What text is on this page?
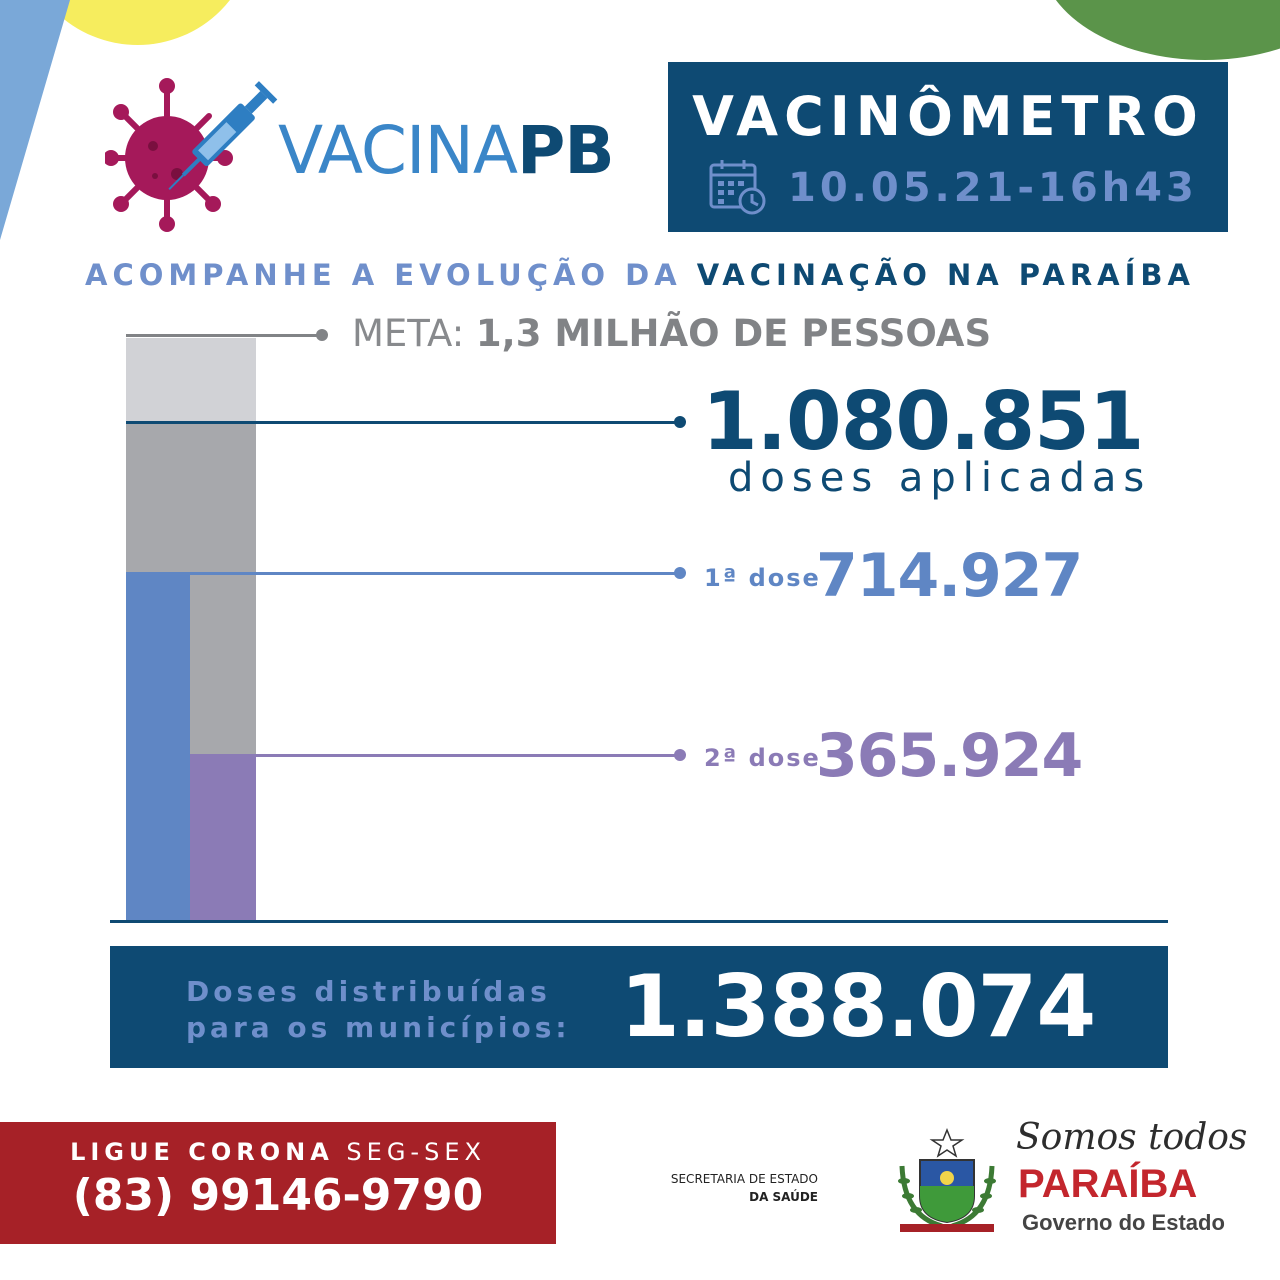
VACINAPB	VACINÔMETRO
10.05.21-16h43
ACOMPANHE A EVOLUÇÃO DA VACINAÇÃO NA PARAÍBA
META: 1,3 MILHÃO DE PESSOAS
1.080.851
doses aplicadas
1ª dose
714.927
2ª dose
365.924
Doses distribuídas
para os municípios: 1.388.074
LIGUE CORONA SEG-SEX
(83) 99146-9790	SECRETARIA DE ESTADO
DA SAÚDE
Somos todos
PARAÍBA
Governo do Estado
